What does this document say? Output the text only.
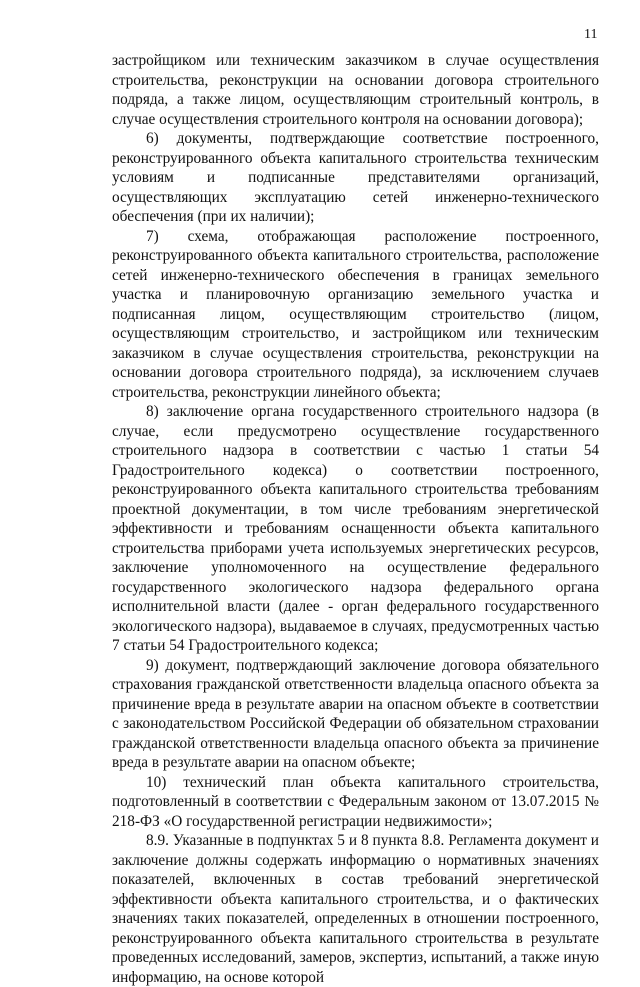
11

застройщиком или техническим заказчиком в случае осуществления строительства, реконструкции на основании договора строительного подряда, а также лицом, осуществляющим строительный контроль, в случае осуществления строительного контроля на основании договора);

6) документы, подтверждающие соответствие построенного, реконструированного объекта капитального строительства техническим условиям и подписанные представителями организаций, осуществляющих эксплуатацию сетей инженерно-технического обеспечения (при их наличии);

7) схема, отображающая расположение построенного, реконструированного объекта капитального строительства, расположение сетей инженерно-технического обеспечения в границах земельного участка и планировочную организацию земельного участка и подписанная лицом, осуществляющим строительство (лицом, осуществляющим строительство, и застройщиком или техническим заказчиком в случае осуществления строительства, реконструкции на основании договора строительного подряда), за исключением случаев строительства, реконструкции линейного объекта;

8) заключение органа государственного строительного надзора (в случае, если предусмотрено осуществление государственного строительного надзора в соответствии с частью 1 статьи 54 Градостроительного кодекса) о соответствии построенного, реконструированного объекта капитального строительства требованиям проектной документации, в том числе требованиям энергетической эффективности и требованиям оснащенности объекта капитального строительства приборами учета используемых энергетических ресурсов, заключение уполномоченного на осуществление федерального государственного экологического надзора федерального органа исполнительной власти (далее - орган федерального государственного экологического надзора), выдаваемое в случаях, предусмотренных частью 7 статьи 54 Градостроительного кодекса;

9) документ, подтверждающий заключение договора обязательного страхования гражданской ответственности владельца опасного объекта за причинение вреда в результате аварии на опасном объекте в соответствии с законодательством Российской Федерации об обязательном страховании гражданской ответственности владельца опасного объекта за причинение вреда в результате аварии на опасном объекте;

10) технический план объекта капитального строительства, подготовленный в соответствии с Федеральным законом от 13.07.2015 № 218-ФЗ «О государственной регистрации недвижимости»;

8.9. Указанные в подпунктах 5 и 8 пункта 8.8. Регламента документ и заключение должны содержать информацию о нормативных значениях показателей, включенных в состав требований энергетической эффективности объекта капитального строительства, и о фактических значениях таких показателей, определенных в отношении построенного, реконструированного объекта капитального строительства в результате проведенных исследований, замеров, экспертиз, испытаний, а также иную информацию, на основе которой
